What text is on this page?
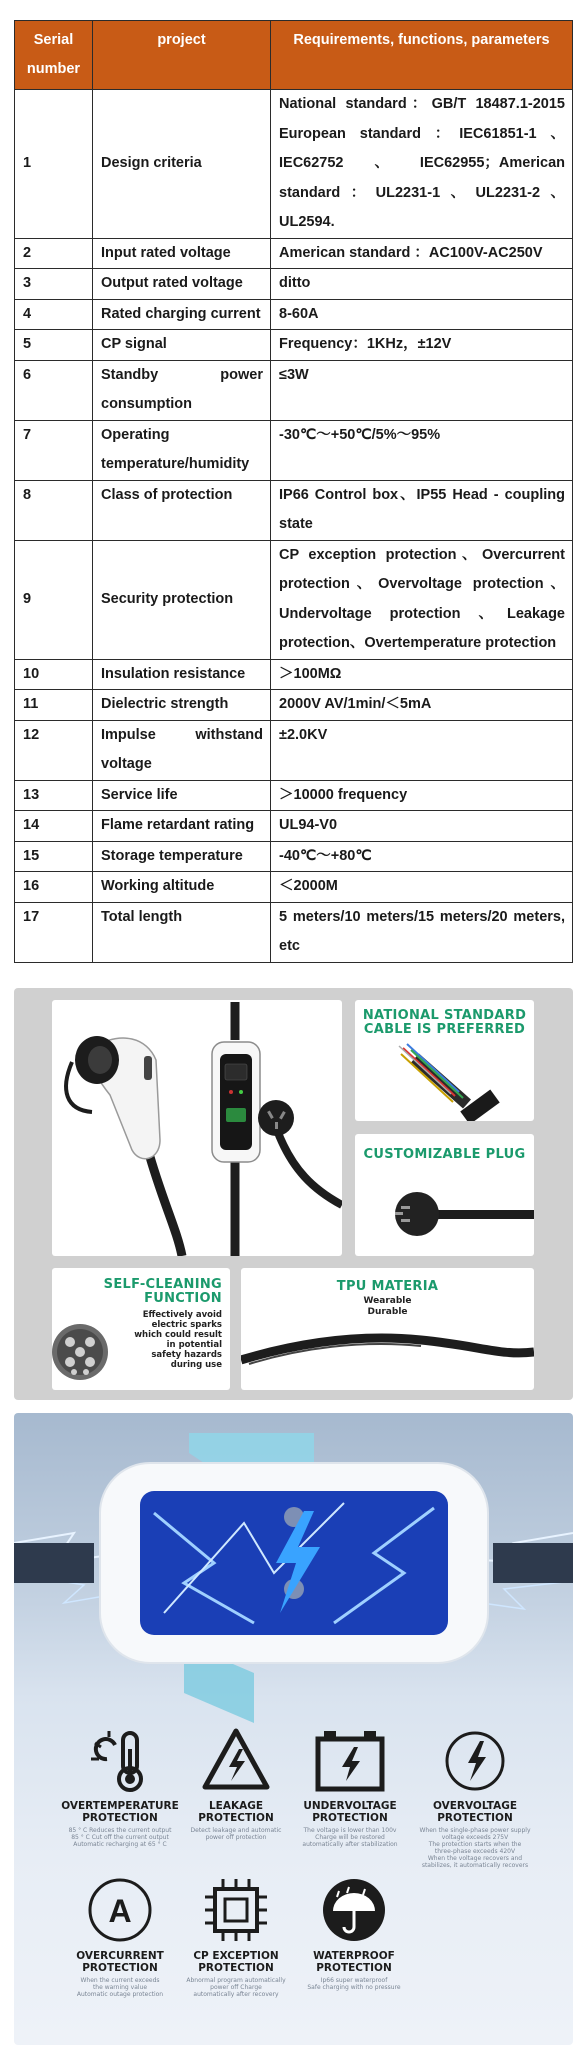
Serial number	project	Requirements, functions, parameters
1	Design criteria	National standard：GB/T 18487.1-2015 European standard ：IEC61851-1 、IEC62752、IEC62955；American standard：UL2231-1、UL2231-2、UL2594.
2	Input rated voltage	American standard ：AC100V-AC250V
3	Output rated voltage	ditto
4	Rated charging current	8-60A
5	CP signal	Frequency：1KHz，±12V
6	Standby power consumption	≤3W
7	Operating temperature/humidity	-30℃～+50℃/5%～95%
8	Class of protection	IP66 Control box、IP55 Head - coupling state
9	Security protection	CP exception protection、Overcurrent protection、Overvoltage protection、Undervoltage protection 、Leakage protection、Overtemperature protection
10	Insulation resistance	＞100MΩ
11	Dielectric strength	2000V AV/1min/＜5mA
12	Impulse withstand voltage	±2.0KV
13	Service life	＞10000 frequency
14	Flame retardant rating	UL94-V0
15	Storage temperature	-40℃～+80℃
16	Working altitude	＜2000M
17	Total length	5 meters/10 meters/15 meters/20 meters, etc
NATIONAL STANDARD
CABLE IS PREFERRED
CUSTOMIZABLE PLUG
SELF-CLEANING
FUNCTION
Effectively avoid
electric sparks
which could result
in potential
safety hazards
during use
TPU MATERIA
Wearable
Durable
OVERTEMPERATURE
PROTECTION
85 ° C Reduces the current output
85 ° C Cut off the current output
Automatic recharging at 65 ° C
LEAKAGE
PROTECTION
Detect leakage and automatic
power off protection
UNDERVOLTAGE
PROTECTION
The voltage is lower than 100v
Charge will be restored
automatically after stabilization
OVERVOLTAGE
PROTECTION
When the single-phase power supply
voltage exceeds 275V
The protection starts when the
three-phase exceeds 420V
When the voltage recovers and
stabilizes, it automatically recovers
A
OVERCURRENT
PROTECTION
When the current exceeds
the warning value
Automatic outage protection
CP EXCEPTION
PROTECTION
Abnormal program automatically
power off Charge
automatically after recovery
WATERPROOF
PROTECTION
Ip66 super waterproof
Safe charging with no pressure
